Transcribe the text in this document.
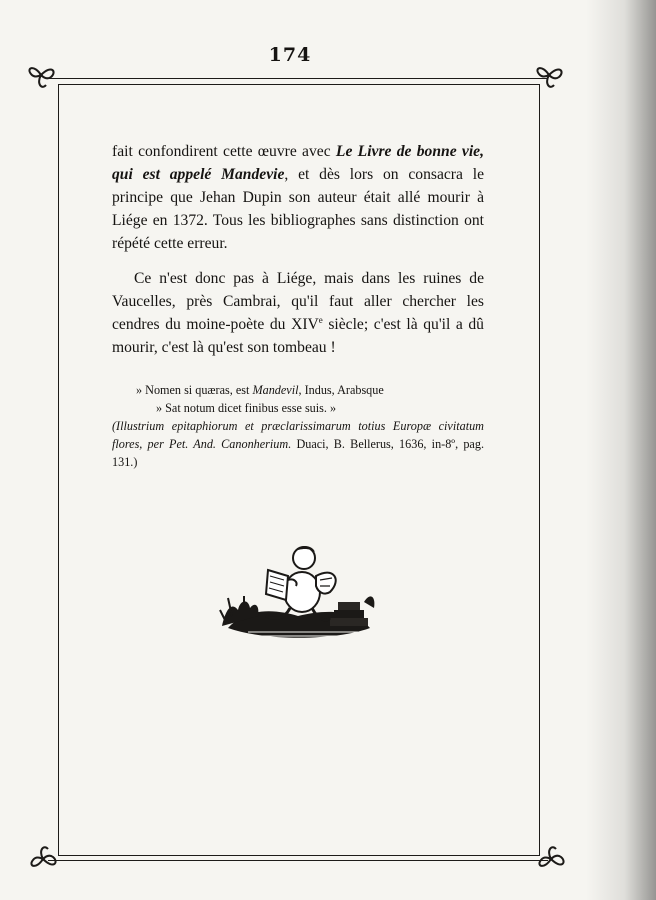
174

fait confondirent cette œuvre avec Le Livre de bonne vie, qui est appelé Mandevie, et dès lors on consacra le principe que Jehan Dupin son auteur était allé mourir à Liége en 1372. Tous les bibliographes sans distinction ont répété cette erreur.

Ce n'est donc pas à Liége, mais dans les ruines de Vaucelles, près Cambrai, qu'il faut aller chercher les cendres du moine-poète du XIVe siècle; c'est là qu'il a dû mourir, c'est là qu'est son tombeau !

» Nomen si quæras, est Mandevil, Indus, Arabsque
» Sat notum dicet finibus esse suis. »
(Illustrium epitaphiorum et præclarissimarum totius Europæ civitatum flores, per Pet. And. Canonherium. Duaci, B. Bellerus, 1636, in-8º, pag. 131.)
